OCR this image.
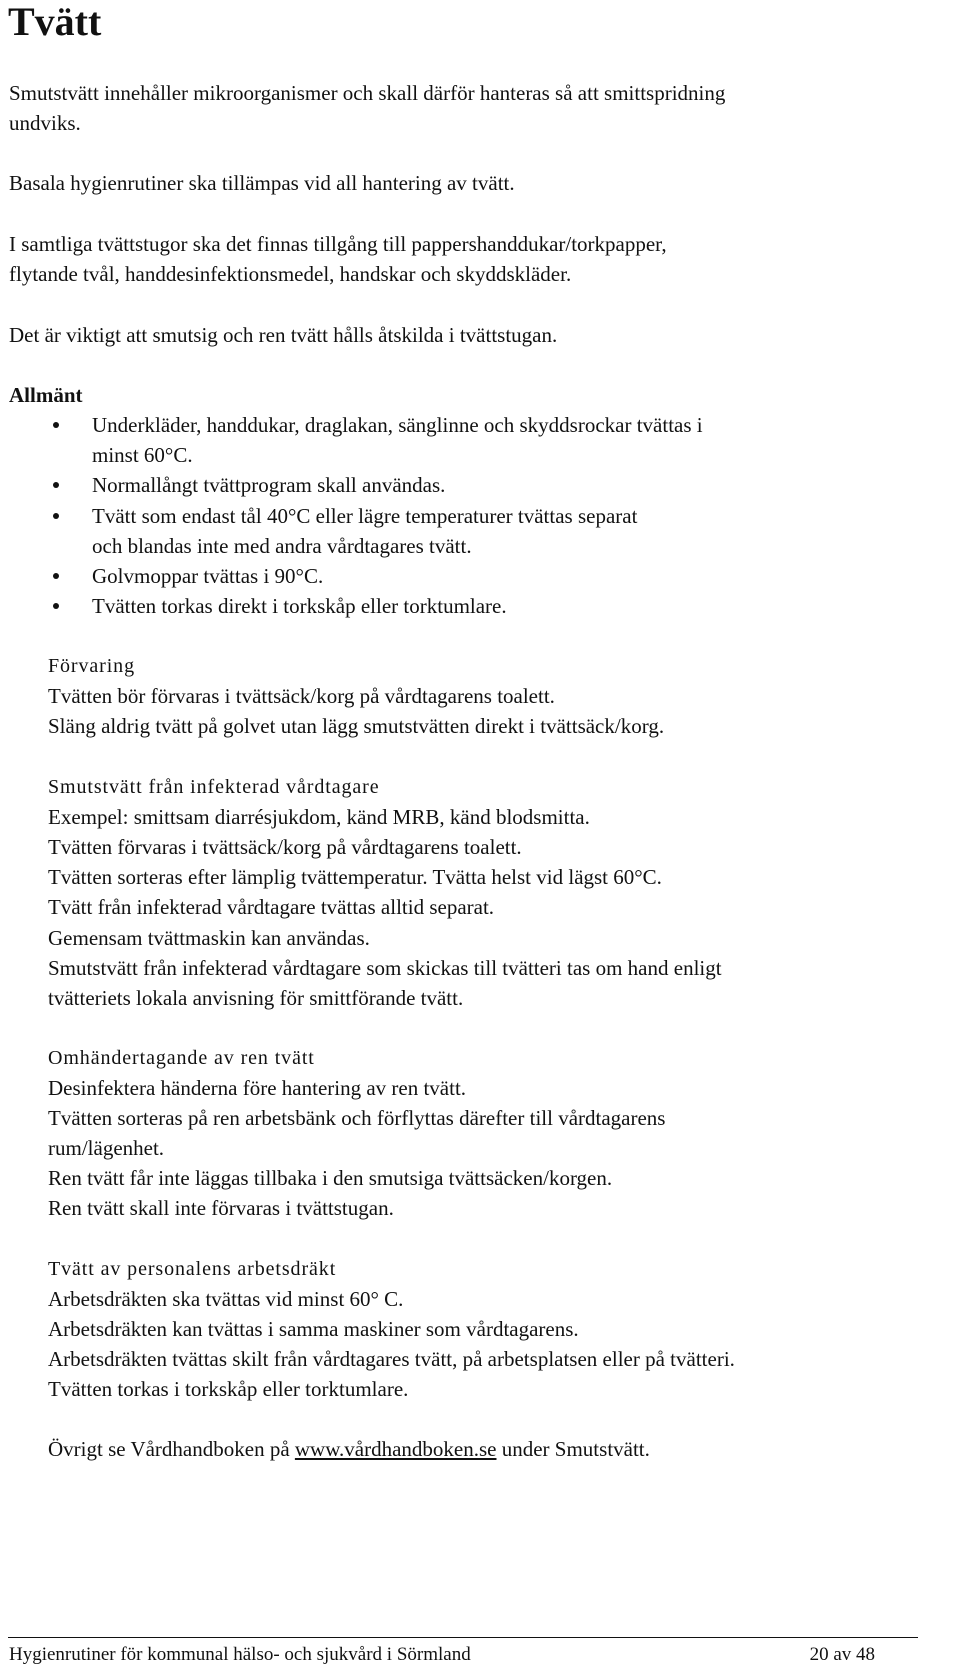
Tvätt

Smutstvätt innehåller mikroorganismer och skall därför hanteras så att smittspridning

undviks.

Basala hygienrutiner ska tillämpas vid all hantering av tvätt.

I samtliga tvättstugor ska det finnas tillgång till pappershanddukar/torkpapper,

flytande tvål, handdesinfektionsmedel, handskar och skyddskläder.

Det är viktigt att smutsig och ren tvätt hålls åtskilda i tvättstugan.

Allmänt

Underkläder, handdukar, draglakan, sänglinne och skyddsrockar tvättas i

minst 60°C.

Normallångt tvättprogram skall användas.

Tvätt som endast tål 40°C eller lägre temperaturer tvättas separat

och blandas inte med andra vårdtagares tvätt.

Golvmoppar tvättas i 90°C.

Tvätten torkas direkt i torkskåp eller torktumlare.

Förvaring

Tvätten bör förvaras i tvättsäck/korg på vårdtagarens toalett.

Släng aldrig tvätt på golvet utan lägg smutstvätten direkt i tvättsäck/korg.

Smutstvätt från infekterad vårdtagare

Exempel: smittsam diarrésjukdom, känd MRB, känd blodsmitta.

Tvätten förvaras i tvättsäck/korg på vårdtagarens toalett.

Tvätten sorteras efter lämplig tvättemperatur. Tvätta helst vid lägst 60°C.

Tvätt från infekterad vårdtagare tvättas alltid separat.

Gemensam tvättmaskin kan användas.

Smutstvätt från infekterad vårdtagare som skickas till tvätteri tas om hand enligt

tvätteriets lokala anvisning för smittförande tvätt.

Omhändertagande av ren tvätt

Desinfektera händerna före hantering av ren tvätt.

Tvätten sorteras på ren arbetsbänk och förflyttas därefter till vårdtagarens

rum/lägenhet.

Ren tvätt får inte läggas tillbaka i den smutsiga tvättsäcken/korgen.

Ren tvätt skall inte förvaras i tvättstugan.

Tvätt av personalens arbetsdräkt

Arbetsdräkten ska tvättas vid minst 60° C.

Arbetsdräkten kan tvättas i samma maskiner som vårdtagarens.

Arbetsdräkten tvättas skilt från vårdtagares tvätt, på arbetsplatsen eller på tvätteri.

Tvätten torkas i torkskåp eller torktumlare.

Övrigt se Vårdhandboken på www.vårdhandboken.se under Smutstvätt.

Hygienrutiner för kommunal hälso- och sjukvård i Sörmland	20 av 48
